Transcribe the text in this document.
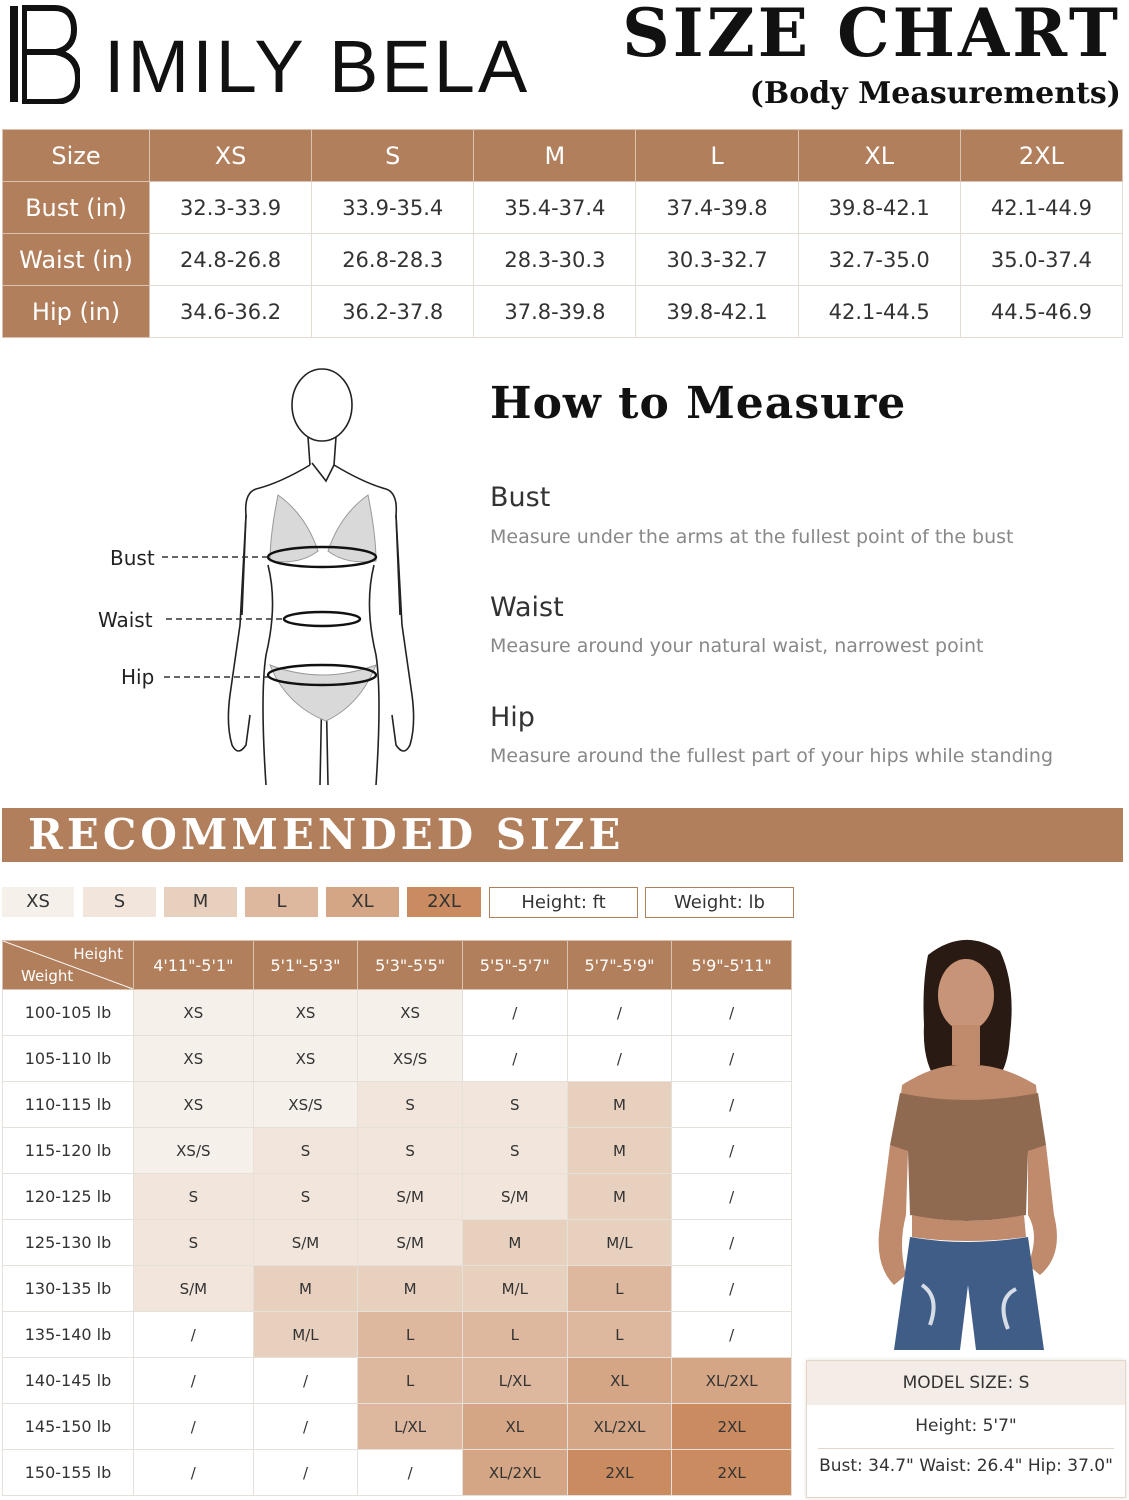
IMILY BELA SIZE CHART
(Body Measurements)
Size	XS	S	M	L	XL	2XL
Bust (in)	32.3-33.9	33.9-35.4	35.4-37.4	37.4-39.8	39.8-42.1	42.1-44.9
Waist (in)	24.8-26.8	26.8-28.3	28.3-30.3	30.3-32.7	32.7-35.0	35.0-37.4
Hip (in)	34.6-36.2	36.2-37.8	37.8-39.8	39.8-42.1	42.1-44.5	44.5-46.9
Bust
Waist
Hip
How to Measure
Bust
Measure under the arms at the fullest point of the bust
Waist
Measure around your natural waist, narrowest point
Hip
Measure around the fullest part of your hips while standing
RECOMMENDED SIZE
XS	S	M	L	XL	2XL	Height: ft	Weight: lb
Height
Weight	4'11"-5'1"	5'1"-5'3"	5'3"-5'5"	5'5"-5'7"	5'7"-5'9"	5'9"-5'11"
100-105 lb	XS	XS	XS	/	/	/
105-110 lb	XS	XS	XS/S	/	/	/
110-115 lb	XS	XS/S	S	S	M	/
115-120 lb	XS/S	S	S	S	M	/
120-125 lb	S	S	S/M	S/M	M	/
125-130 lb	S	S/M	S/M	M	M/L	/
130-135 lb	S/M	M	M	M/L	L	/
135-140 lb	/	M/L	L	L	L	/
140-145 lb	/	/	L	L/XL	XL	XL/2XL
145-150 lb	/	/	L/XL	XL	XL/2XL	2XL
150-155 lb	/	/	/	XL/2XL	2XL	2XL
MODEL SIZE: S
Height: 5'7"
Bust: 34.7" Waist: 26.4" Hip: 37.0"
